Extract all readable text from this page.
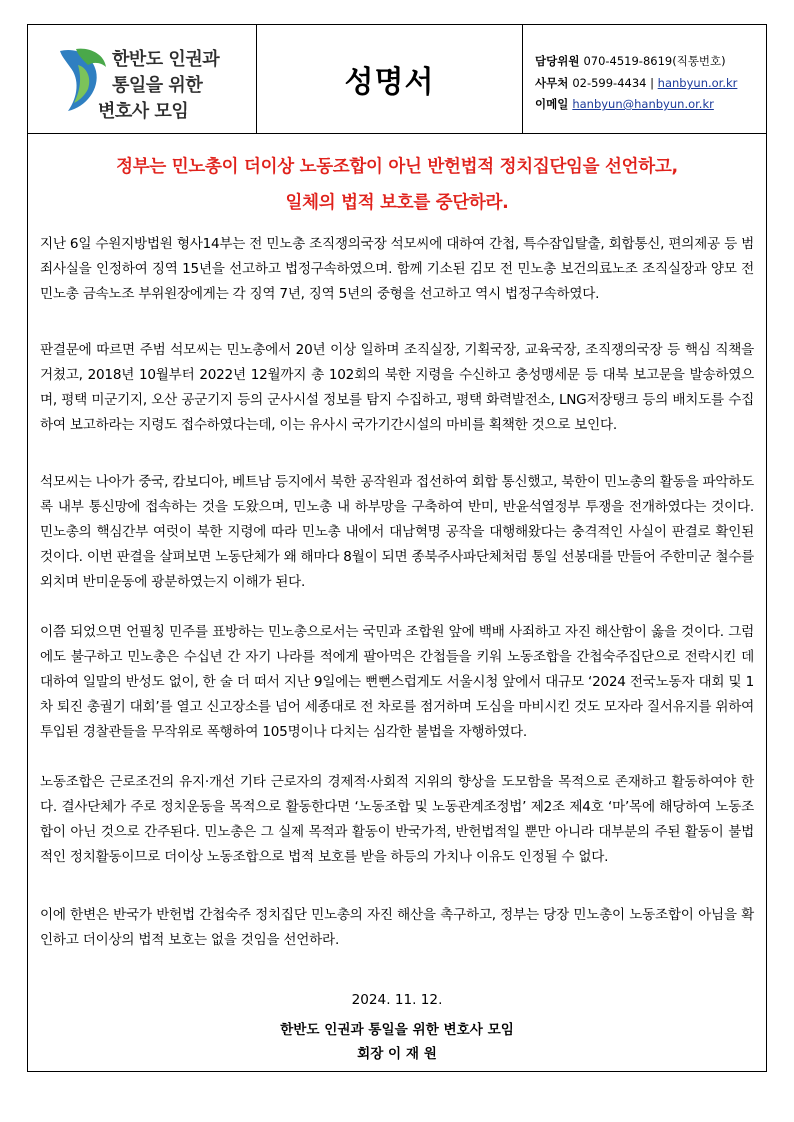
한반도 인권과
통일을 위한
변호사 모임
성명서
담당위원 070-4519-8619(직통번호)
사무처 02-599-4434 | hanbyun.or.kr
이메일 hanbyun@hanbyun.or.kr
정부는 민노총이 더이상 노동조합이 아닌 반헌법적 정치집단임을 선언하고,
일체의 법적 보호를 중단하라.

지난 6일 수원지방법원 형사14부는 전 민노총 조직쟁의국장 석모씨에 대하여 간첩, 특수잠입탈출, 회합통신, 편의제공 등 범죄사실을 인정하여 징역 15년을 선고하고 법정구속하였으며. 함께 기소된 김모 전 민노총 보건의료노조 조직실장과 양모 전 민노총 금속노조 부위원장에게는 각 징역 7년, 징역 5년의 중형을 선고하고 역시 법정구속하였다.

판결문에 따르면 주범 석모씨는 민노총에서 20년 이상 일하며 조직실장, 기획국장, 교육국장, 조직쟁의국장 등 핵심 직책을 거쳤고, 2018년 10월부터 2022년 12월까지 총 102회의 북한 지령을 수신하고 충성맹세문 등 대북 보고문을 발송하였으며, 평택 미군기지, 오산 공군기지 등의 군사시설 정보를 탐지 수집하고, 평택 화력발전소, LNG저장탱크 등의 배치도를 수집하여 보고하라는 지령도 접수하였다는데, 이는 유사시 국가기간시설의 마비를 획책한 것으로 보인다.

석모씨는 나아가 중국, 캄보디아, 베트남 등지에서 북한 공작원과 접선하여 회합 통신했고, 북한이 민노총의 활동을 파악하도록 내부 통신망에 접속하는 것을 도왔으며, 민노총 내 하부망을 구축하여 반미, 반윤석열정부 투쟁을 전개하였다는 것이다. 민노총의 핵심간부 여럿이 북한 지령에 따라 민노총 내에서 대남혁명 공작을 대행해왔다는 충격적인 사실이 판결로 확인된 것이다. 이번 판결을 살펴보면 노동단체가 왜 해마다 8월이 되면 종북주사파단체처럼 통일 선봉대를 만들어 주한미군 철수를 외치며 반미운동에 광분하였는지 이해가 된다.

이쯤 되었으면 언필칭 민주를 표방하는 민노총으로서는 국민과 조합원 앞에 백배 사죄하고 자진 해산함이 옳을 것이다. 그럼에도 불구하고 민노총은 수십년 간 자기 나라를 적에게 팔아먹은 간첩들을 키워 노동조합을 간첩숙주집단으로 전락시킨 데 대하여 일말의 반성도 없이, 한 술 더 떠서 지난 9일에는 뻔뻔스럽게도 서울시청 앞에서 대규모 ‘2024 전국노동자 대회 및 1차 퇴진 총궐기 대회’를 열고 신고장소를 넘어 세종대로 전 차로를 점거하며 도심을 마비시킨 것도 모자라 질서유지를 위하여 투입된 경찰관들을 무작위로 폭행하여 105명이나 다치는 심각한 불법을 자행하였다.

노동조합은 근로조건의 유지·개선 기타 근로자의 경제적·사회적 지위의 향상을 도모함을 목적으로 존재하고 활동하여야 한다. 결사단체가 주로 정치운동을 목적으로 활동한다면 ‘노동조합 및 노동관계조정법’ 제2조 제4호 ‘마’목에 해당하여 노동조합이 아닌 것으로 간주된다. 민노총은 그 실제 목적과 활동이 반국가적, 반헌법적일 뿐만 아니라 대부분의 주된 활동이 불법적인 정치활동이므로 더이상 노동조합으로 법적 보호를 받을 하등의 가치나 이유도 인정될 수 없다.

이에 한변은 반국가 반헌법 간첩숙주 정치집단 민노총의 자진 해산을 촉구하고, 정부는 당장 민노총이 노동조합이 아님을 확인하고 더이상의 법적 보호는 없을 것임을 선언하라.

2024. 11. 12.
한반도 인권과 통일을 위한 변호사 모임
회장 이 재 원
